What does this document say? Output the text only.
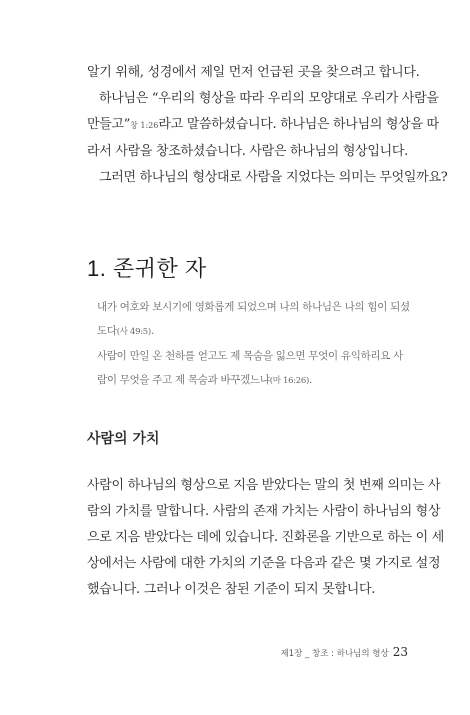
알기 위해, 성경에서 제일 먼저 언급된 곳을 찾으려고 합니다.
하나님은 “우리의 형상을 따라 우리의 모양대로 우리가 사람을
만들고”창 1:26라고 말씀하셨습니다. 하나님은 하나님의 형상을 따
라서 사람을 창조하셨습니다. 사람은 하나님의 형상입니다.
그러면 하나님의 형상대로 사람을 지었다는 의미는 무엇일까요?

1. 존귀한 자

내가 여호와 보시기에 영화롭게 되었으며 나의 하나님은 나의 힘이 되셨
도다(사 49:5).
사람이 만일 온 천하를 얻고도 제 목숨을 잃으면 무엇이 유익하리요 사
람이 무엇을 주고 제 목숨과 바꾸겠느냐(마 16:26).

사람의 가치

사람이 하나님의 형상으로 지음 받았다는 말의 첫 번째 의미는 사
람의 가치를 말합니다. 사람의 존재 가치는 사람이 하나님의 형상
으로 지음 받았다는 데에 있습니다. 진화론을 기반으로 하는 이 세
상에서는 사람에 대한 가치의 기준을 다음과 같은 몇 가지로 설정
했습니다. 그러나 이것은 참된 기준이 되지 못합니다.

제1장 _ 창조 : 하나님의 형상 23
